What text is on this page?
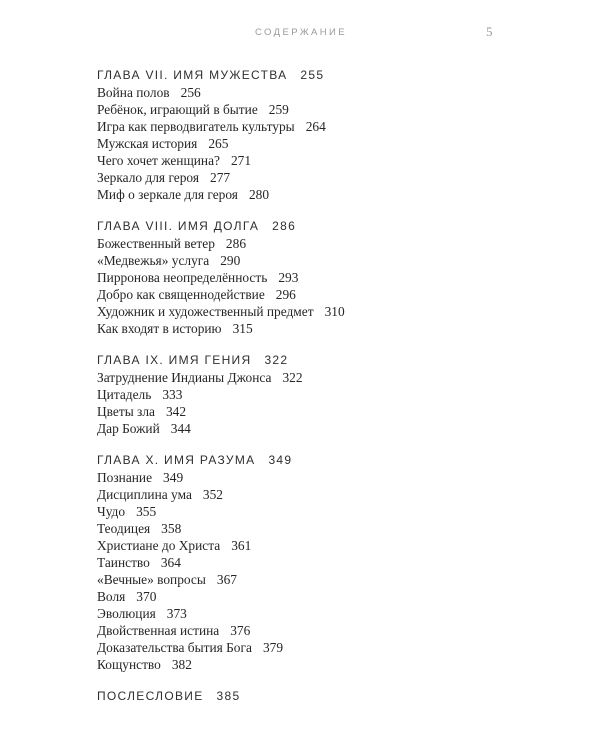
СОДЕРЖАНИЕ	5
ГЛАВА VII. ИМЯ МУЖЕСТВА 255
Война полов 256
Ребёнок, играющий в бытие 259
Игра как перводвигатель культуры 264
Мужская история 265
Чего хочет женщина? 271
Зеркало для героя 277
Миф о зеркале для героя 280
ГЛАВА VIII. ИМЯ ДОЛГА 286
Божественный ветер 286
«Медвежья» услуга 290
Пирронова неопределённость 293
Добро как священнодействие 296
Художник и художественный предмет 310
Как входят в историю 315
ГЛАВА IX. ИМЯ ГЕНИЯ 322
Затруднение Индианы Джонса 322
Цитадель 333
Цветы зла 342
Дар Божий 344
ГЛАВА X. ИМЯ РАЗУМА 349
Познание 349
Дисциплина ума 352
Чудо 355
Теодицея 358
Христиане до Христа 361
Таинство 364
«Вечные» вопросы 367
Воля 370
Эволюция 373
Двойственная истина 376
Доказательства бытия Бога 379
Кощунство 382
ПОСЛЕСЛОВИЕ 385
